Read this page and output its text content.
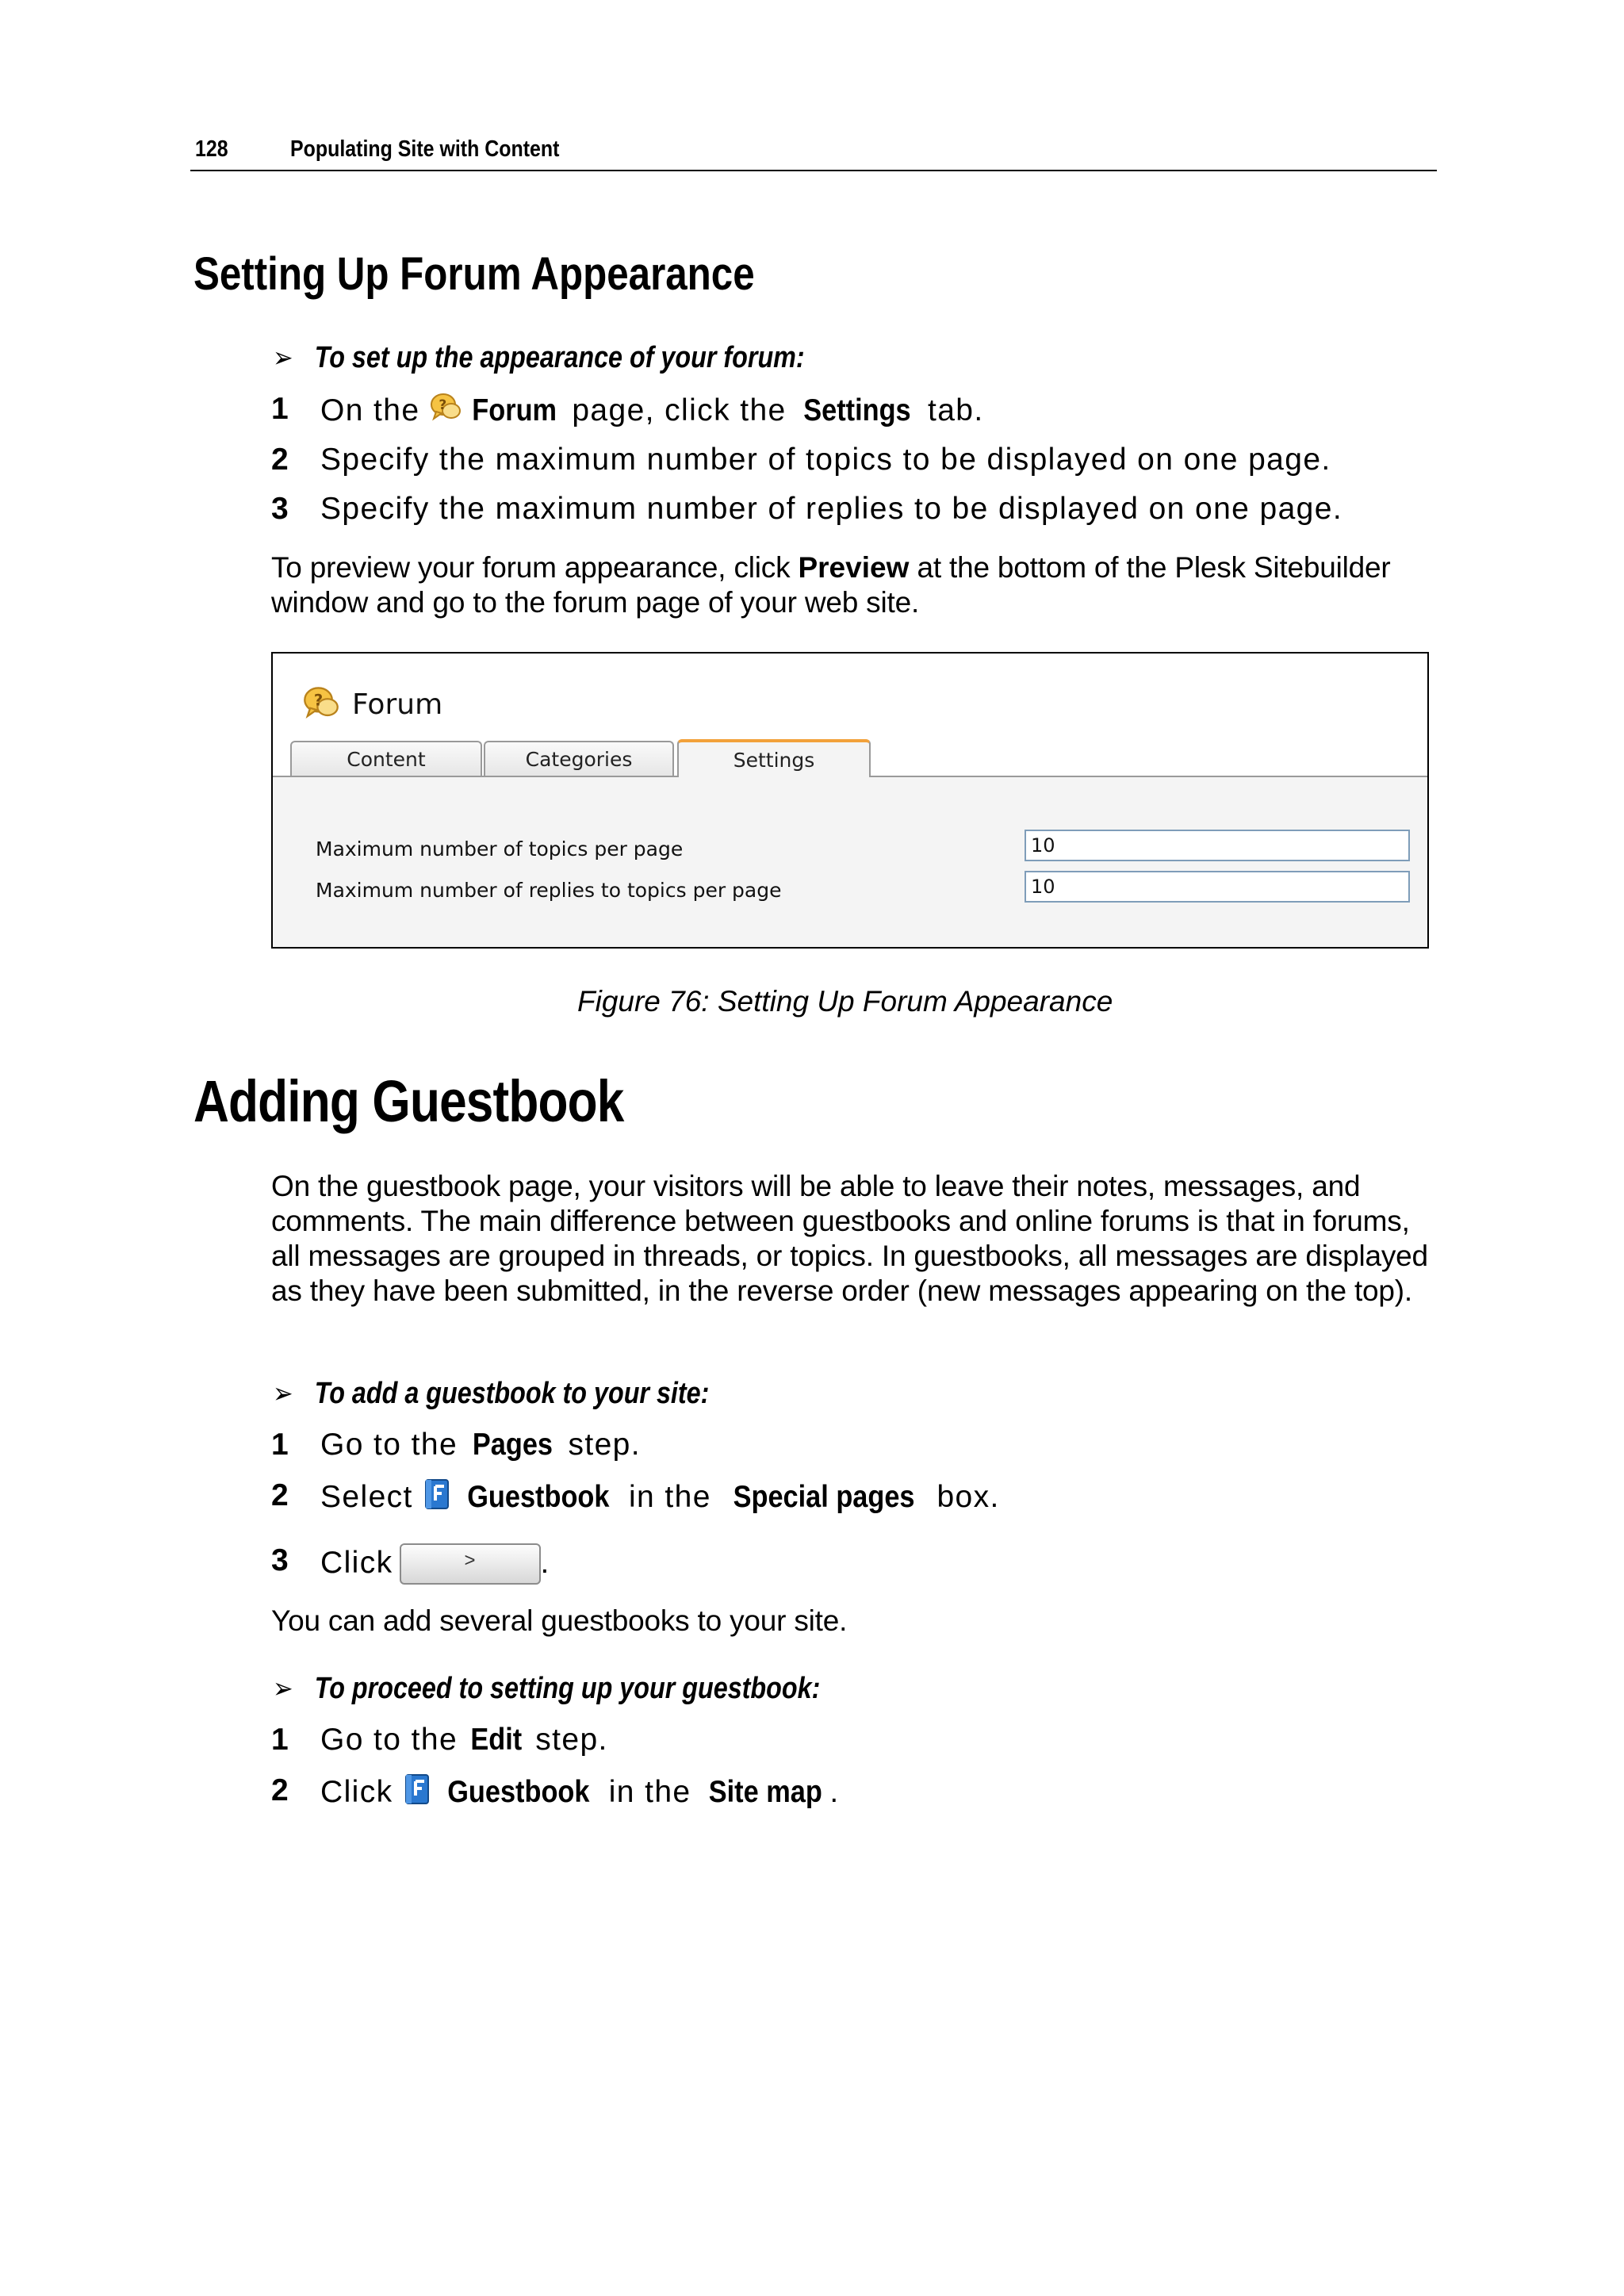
128	Populating Site with Content
Setting Up Forum Appearance
➢ To set up the appearance of your forum:
1 On the Forum page, click the Settings tab.
2 Specify the maximum number of topics to be displayed on one page.
3 Specify the maximum number of replies to be displayed on one page.
To preview your forum appearance, click Preview at the bottom of the Plesk Sitebuilder window and go to the forum page of your web site.
Forum
Content	Categories	Settings
Maximum number of topics per page
10
Maximum number of replies to topics per page
10
Figure 76: Setting Up Forum Appearance
Adding Guestbook
On the guestbook page, your visitors will be able to leave their notes, messages, and comments. The main difference between guestbooks and online forums is that in forums, all messages are grouped in threads, or topics. In guestbooks, all messages are displayed as they have been submitted, in the reverse order (new messages appearing on the top).
➢ To add a guestbook to your site:
1 Go to the Pages step.
2 Select Guestbook in the Special pages box.
3 Click	> .
You can add several guestbooks to your site.
➢ To proceed to setting up your guestbook:
1 Go to the Edit step.
2 Click Guestbook in the Site map .
